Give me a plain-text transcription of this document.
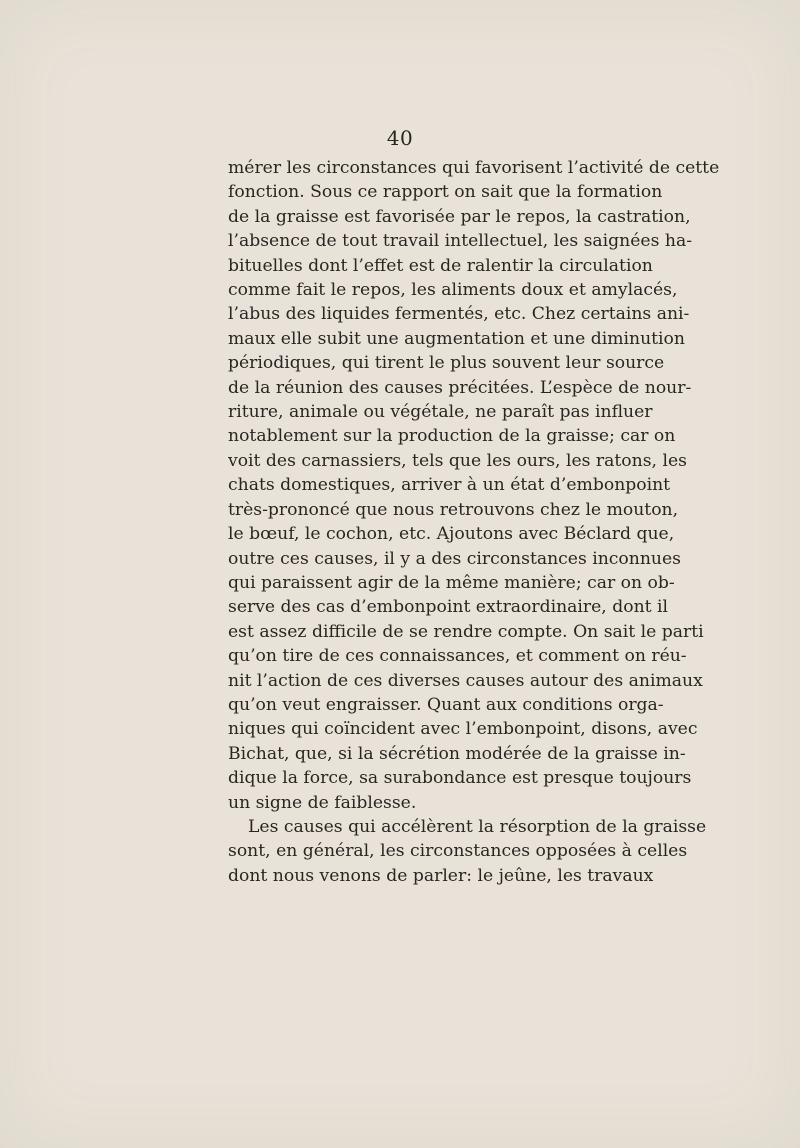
40
mérer les circonstances qui favorisent l’activité de cette
fonction. Sous ce rapport on sait que la formation
de la graisse est favorisée par le repos, la castration,
l’absence de tout travail intellectuel, les saignées ha-
bituelles dont l’effet est de ralentir la circulation
comme fait le repos, les aliments doux et amylacés,
l’abus des liquides fermentés, etc. Chez certains ani-
maux elle subit une augmentation et une diminution
périodiques, qui tirent le plus souvent leur source
de la réunion des causes précitées. L’espèce de nour-
riture, animale ou végétale, ne paraît pas influer
notablement sur la production de la graisse; car on
voit des carnassiers, tels que les ours, les ratons, les
chats domestiques, arriver à un état d’embonpoint
très-prononcé que nous retrouvons chez le mouton,
le bœuf, le cochon, etc. Ajoutons avec Béclard que,
outre ces causes, il y a des circonstances inconnues
qui paraissent agir de la même manière; car on ob-
serve des cas d’embonpoint extraordinaire, dont il
est assez difficile de se rendre compte. On sait le parti
qu’on tire de ces connaissances, et comment on réu-
nit l’action de ces diverses causes autour des animaux
qu’on veut engraisser. Quant aux conditions orga-
niques qui coïncident avec l’embonpoint, disons, avec
Bichat, que, si la sécrétion modérée de la graisse in-
dique la force, sa surabondance est presque toujours
un signe de faiblesse.
Les causes qui accélèrent la résorption de la graisse
sont, en général, les circonstances opposées à celles
dont nous venons de parler: le jeûne, les travaux
